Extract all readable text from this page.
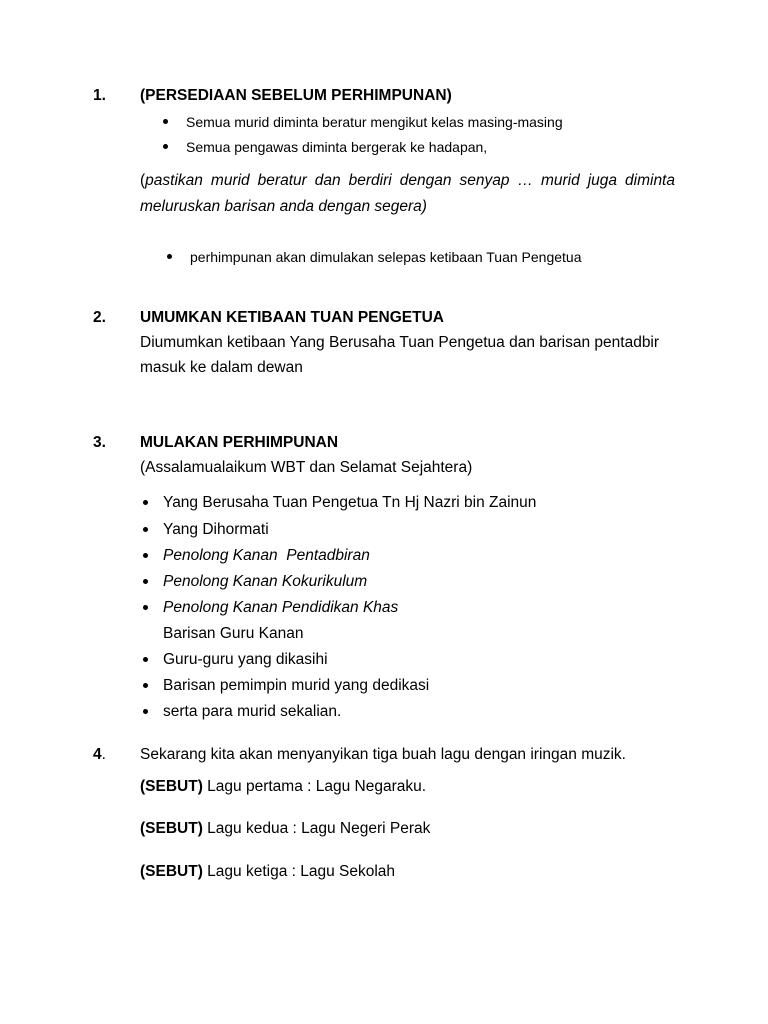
1. (PERSEDIAAN SEBELUM PERHIMPUNAN)
Semua murid diminta beratur mengikut kelas masing-masing
Semua pengawas diminta bergerak ke hadapan,
(pastikan murid beratur dan berdiri dengan senyap … murid juga diminta
meluruskan barisan anda dengan segera)
perhimpunan akan dimulakan selepas ketibaan Tuan Pengetua
2. UMUMKAN KETIBAAN TUAN PENGETUA
Diumumkan ketibaan Yang Berusaha Tuan Pengetua dan barisan pentadbir
masuk ke dalam dewan
3. MULAKAN PERHIMPUNAN
(Assalamualaikum WBT dan Selamat Sejahtera)
Yang Berusaha Tuan Pengetua Tn Hj Nazri bin Zainun
Yang Dihormati
Penolong Kanan  Pentadbiran
Penolong Kanan Kokurikulum
Penolong Kanan Pendidikan Khas
Barisan Guru Kanan
Guru-guru yang dikasihi
Barisan pemimpin murid yang dedikasi
serta para murid sekalian.
4. Sekarang kita akan menyanyikan tiga buah lagu dengan iringan muzik.
(SEBUT) Lagu pertama : Lagu Negaraku.
(SEBUT) Lagu kedua : Lagu Negeri Perak
(SEBUT) Lagu ketiga : Lagu Sekolah
